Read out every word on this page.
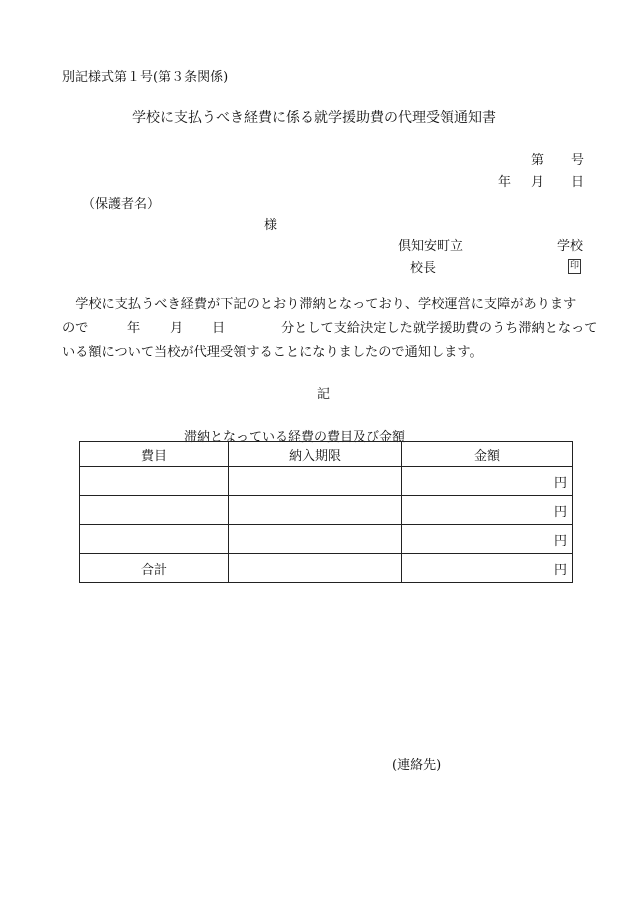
別記様式第１号(第３条関係)
学校に支払うべき経費に係る就学援助費の代理受領通知書
第 号
年 月 日
（保護者名）
様
倶知安町立	学校
校長	印
　学校に支払うべき経費が下記のとおり滞納となっており、学校運営に支障があります
ので	年 月 日	分として支給決定した就学援助費のうち滞納となって
いる額について当校が代理受領することになりましたので通知します。
記
滞納となっている経費の費目及び金額
費目	納入期限	金額
		円
		円
		円
合計		円
(連絡先)
